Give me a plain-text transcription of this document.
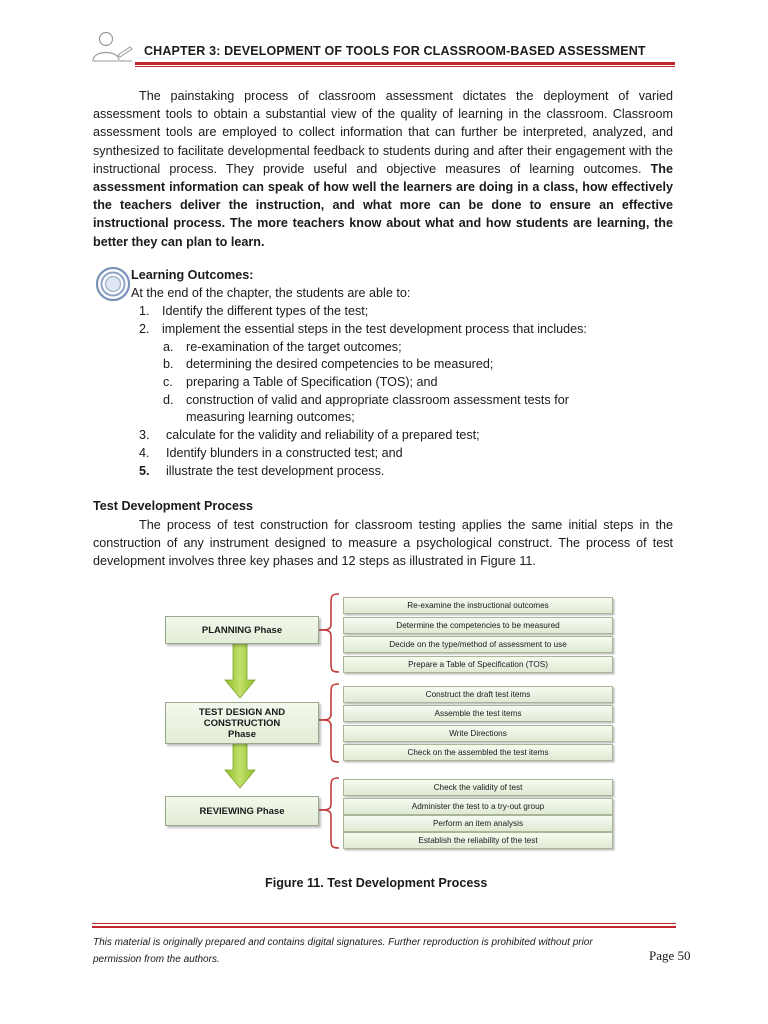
CHAPTER 3: DEVELOPMENT OF TOOLS FOR CLASSROOM-BASED ASSESSMENT

The painstaking process of classroom assessment dictates the deployment of varied assessment tools to obtain a substantial view of the quality of learning in the classroom. Classroom assessment tools are employed to collect information that can further be interpreted, analyzed, and synthesized to facilitate developmental feedback to students during and after their engagement with the instructional process. They provide useful and objective measures of learning outcomes. The assessment information can speak of how well the learners are doing in a class, how effectively the teachers deliver the instruction, and what more can be done to ensure an effective instructional process. The more teachers know about what and how students are learning, the better they can plan to learn.

Learning Outcomes:
At the end of the chapter, the students are able to:
1. Identify the different types of the test;
2. implement the essential steps in the test development process that includes:
a. re-examination of the target outcomes;
b. determining the desired competencies to be measured;
c. preparing a Table of Specification (TOS); and
d. construction of valid and appropriate classroom assessment tests for
measuring learning outcomes;
3. calculate for the validity and reliability of a prepared test;
4. Identify blunders in a constructed test; and
5. illustrate the test development process.
Test Development Process

The process of test construction for classroom testing applies the same initial steps in the construction of any instrument designed to measure a psychological construct. The process of test development involves three key phases and 12 steps as illustrated in Figure 11.

PLANNING Phase
TEST DESIGN AND
CONSTRUCTION
Phase
REVIEWING Phase
Re-examine the instructional outcomes
Determine the competencies to be measured
Decide on the type/method of assessment to use
Prepare a Table of Specification (TOS)
Construct the draft test items
Assemble the test items
Write Directions
Check on the assembled the test items
Check the validity of test
Administer the test to a try-out group
Perform an item analysis
Establish the reliability of the test
Figure 11. Test Development Process
This material is originally prepared and contains digital signatures. Further reproduction is prohibited without prior
permission from the authors.	Page 50
